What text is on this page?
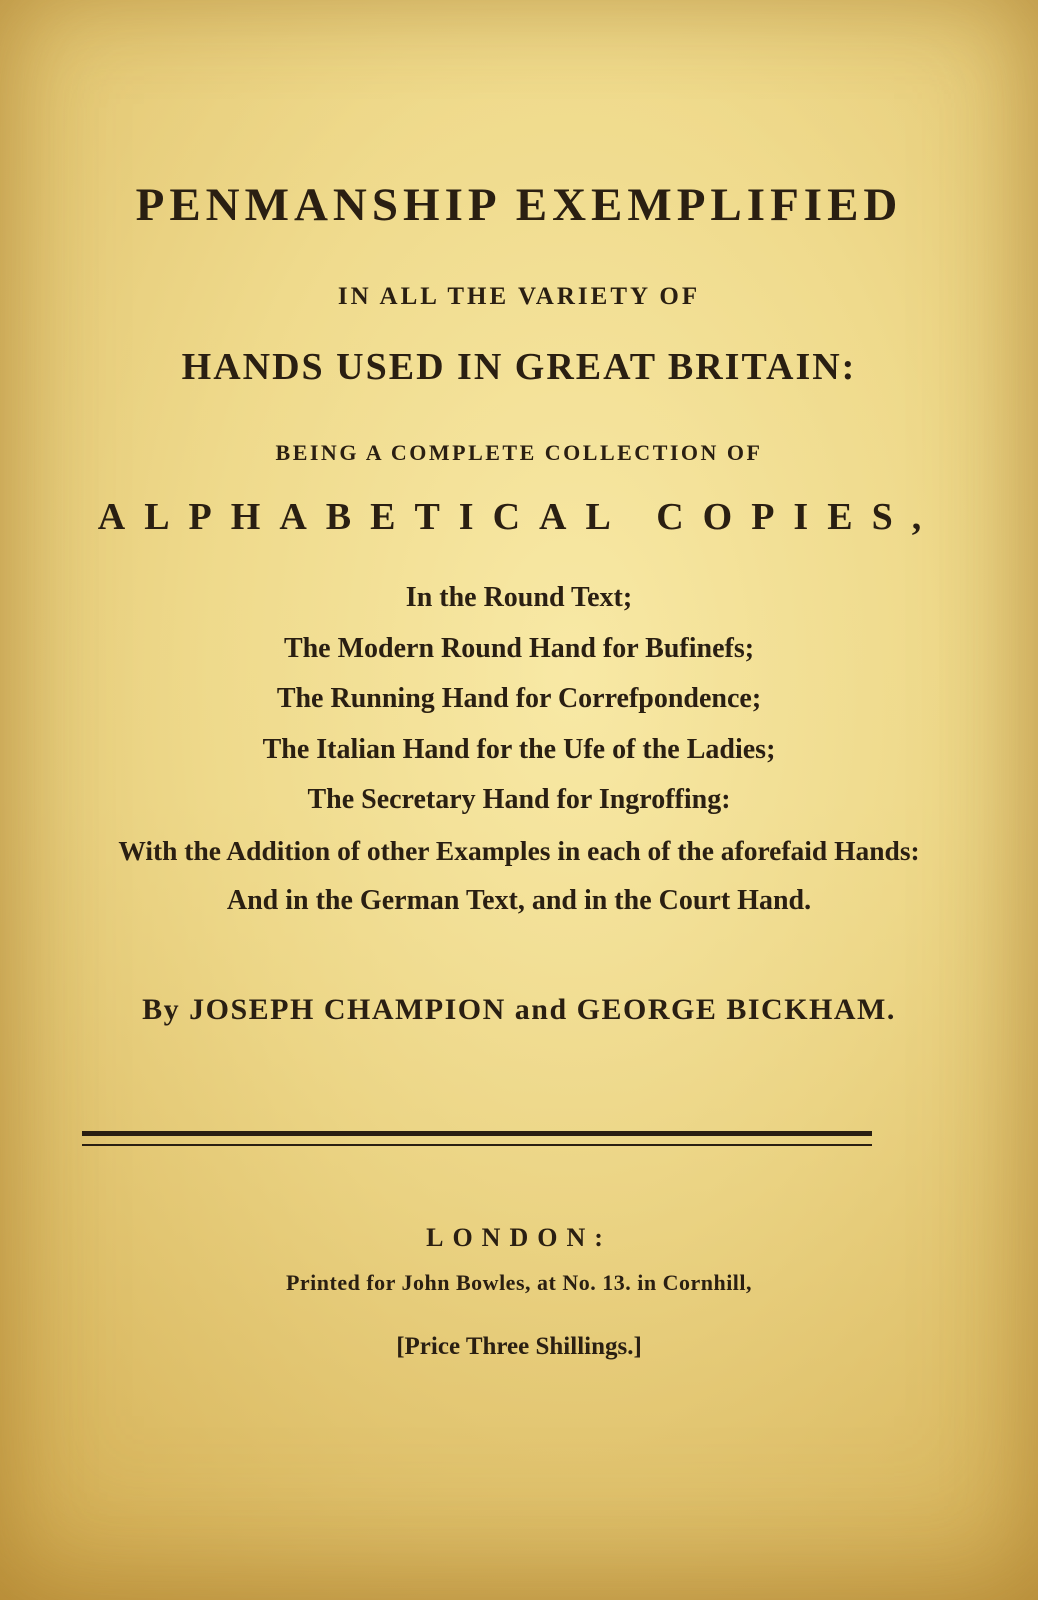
PENMANSHIP EXEMPLIFIED
IN ALL THE VARIETY OF
HANDS USED IN GREAT BRITAIN:
BEING A COMPLETE COLLECTION OF
ALPHABETICAL COPIES,
In the Round Text;
The Modern Round Hand for Bufinefs;
The Running Hand for Correfpondence;
The Italian Hand for the Ufe of the Ladies;
The Secretary Hand for Ingroffing:
With the Addition of other Examples in each of the aforefaid Hands:
And in the German Text, and in the Court Hand.
By JOSEPH CHAMPION and GEORGE BICKHAM.
LONDON:
Printed for John Bowles, at No. 13. in Cornhill,
[Price Three Shillings.]
